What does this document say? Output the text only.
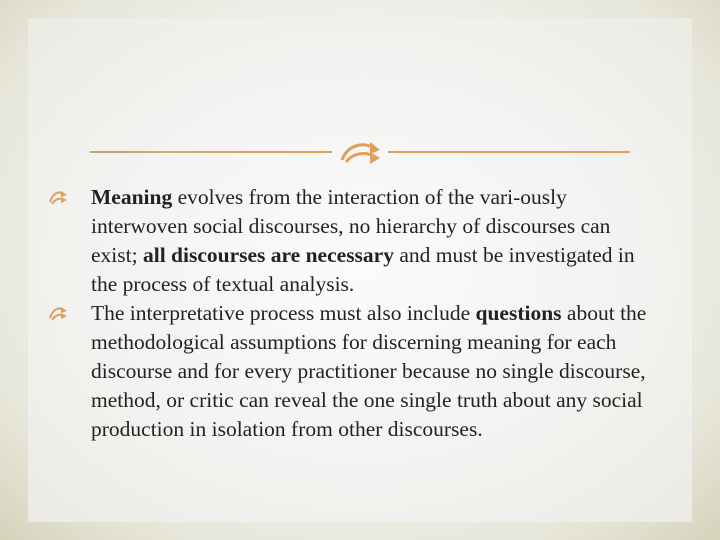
Meaning evolves from the interaction of the vari-ously interwoven social discourses, no hierarchy of discourses can exist; all discourses are necessary and must be investigated in the process of textual analysis.

The interpretative process must also include questions about the methodological assumptions for discerning meaning for each discourse and for every practitioner because no single discourse, method, or critic can reveal the one single truth about any social production in isolation from other discourses.
